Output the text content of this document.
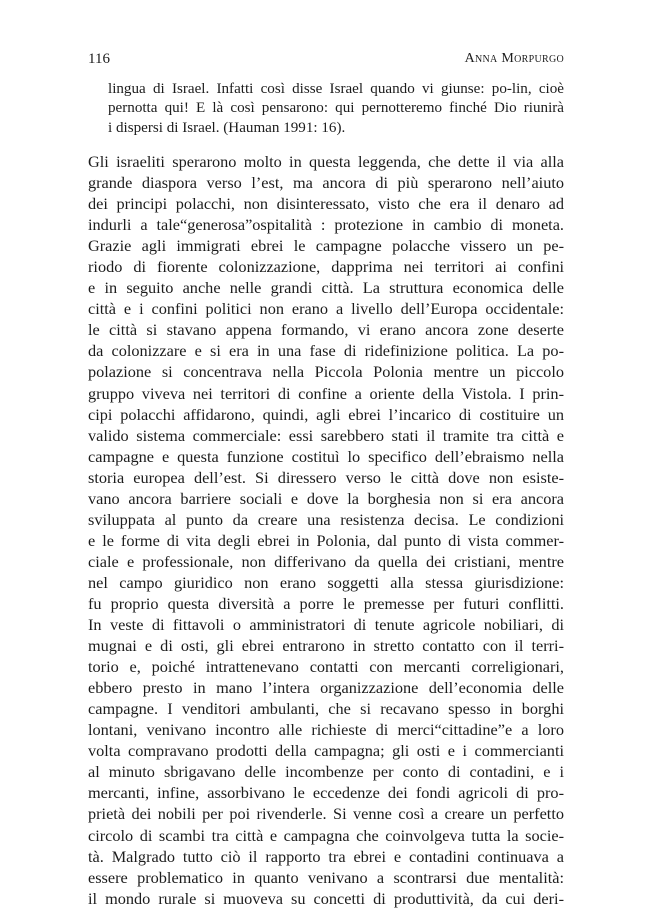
116	Anna Morpurgo
lingua di Israel. Infatti così disse Israel quando vi giunse: po-lin, cioè
pernotta qui! E là così pensarono: qui pernotteremo finché Dio riunirà
i dispersi di Israel. (Hauman 1991: 16).
Gli israeliti sperarono molto in questa leggenda, che dette il via alla
grande diaspora verso l’est, ma ancora di più sperarono nell’aiuto
dei principi polacchi, non disinteressato, visto che era il denaro ad
indurli a tale“generosa”ospitalità : protezione in cambio di moneta.
Grazie agli immigrati ebrei le campagne polacche vissero un pe-
riodo di fiorente colonizzazione, dapprima nei territori ai confini
e in seguito anche nelle grandi città. La struttura economica delle
città e i confini politici non erano a livello dell’Europa occidentale:
le città si stavano appena formando, vi erano ancora zone deserte
da colonizzare e si era in una fase di ridefinizione politica. La po-
polazione si concentrava nella Piccola Polonia mentre un piccolo
gruppo viveva nei territori di confine a oriente della Vistola. I prin-
cipi polacchi affidarono, quindi, agli ebrei l’incarico di costituire un
valido sistema commerciale: essi sarebbero stati il tramite tra città e
campagne e questa funzione costituì lo specifico dell’ebraismo nella
storia europea dell’est. Si diressero verso le città dove non esiste-
vano ancora barriere sociali e dove la borghesia non si era ancora
sviluppata al punto da creare una resistenza decisa. Le condizioni
e le forme di vita degli ebrei in Polonia, dal punto di vista commer-
ciale e professionale, non differivano da quella dei cristiani, mentre
nel campo giuridico non erano soggetti alla stessa giurisdizione:
fu proprio questa diversità a porre le premesse per futuri conflitti.
In veste di fittavoli o amministratori di tenute agricole nobiliari, di
mugnai e di osti, gli ebrei entrarono in stretto contatto con il terri-
torio e, poiché intrattenevano contatti con mercanti correligionari,
ebbero presto in mano l’intera organizzazione dell’economia delle
campagne. I venditori ambulanti, che si recavano spesso in borghi
lontani, venivano incontro alle richieste di merci“cittadine”e a loro
volta compravano prodotti della campagna; gli osti e i commercianti
al minuto sbrigavano delle incombenze per conto di contadini, e i
mercanti, infine, assorbivano le eccedenze dei fondi agricoli di pro-
prietà dei nobili per poi rivenderle. Si venne così a creare un perfetto
circolo di scambi tra città e campagna che coinvolgeva tutta la socie-
tà. Malgrado tutto ciò il rapporto tra ebrei e contadini continuava a
essere problematico in quanto venivano a scontrarsi due mentalità:
il mondo rurale si muoveva su concetti di produttività, da cui deri-
